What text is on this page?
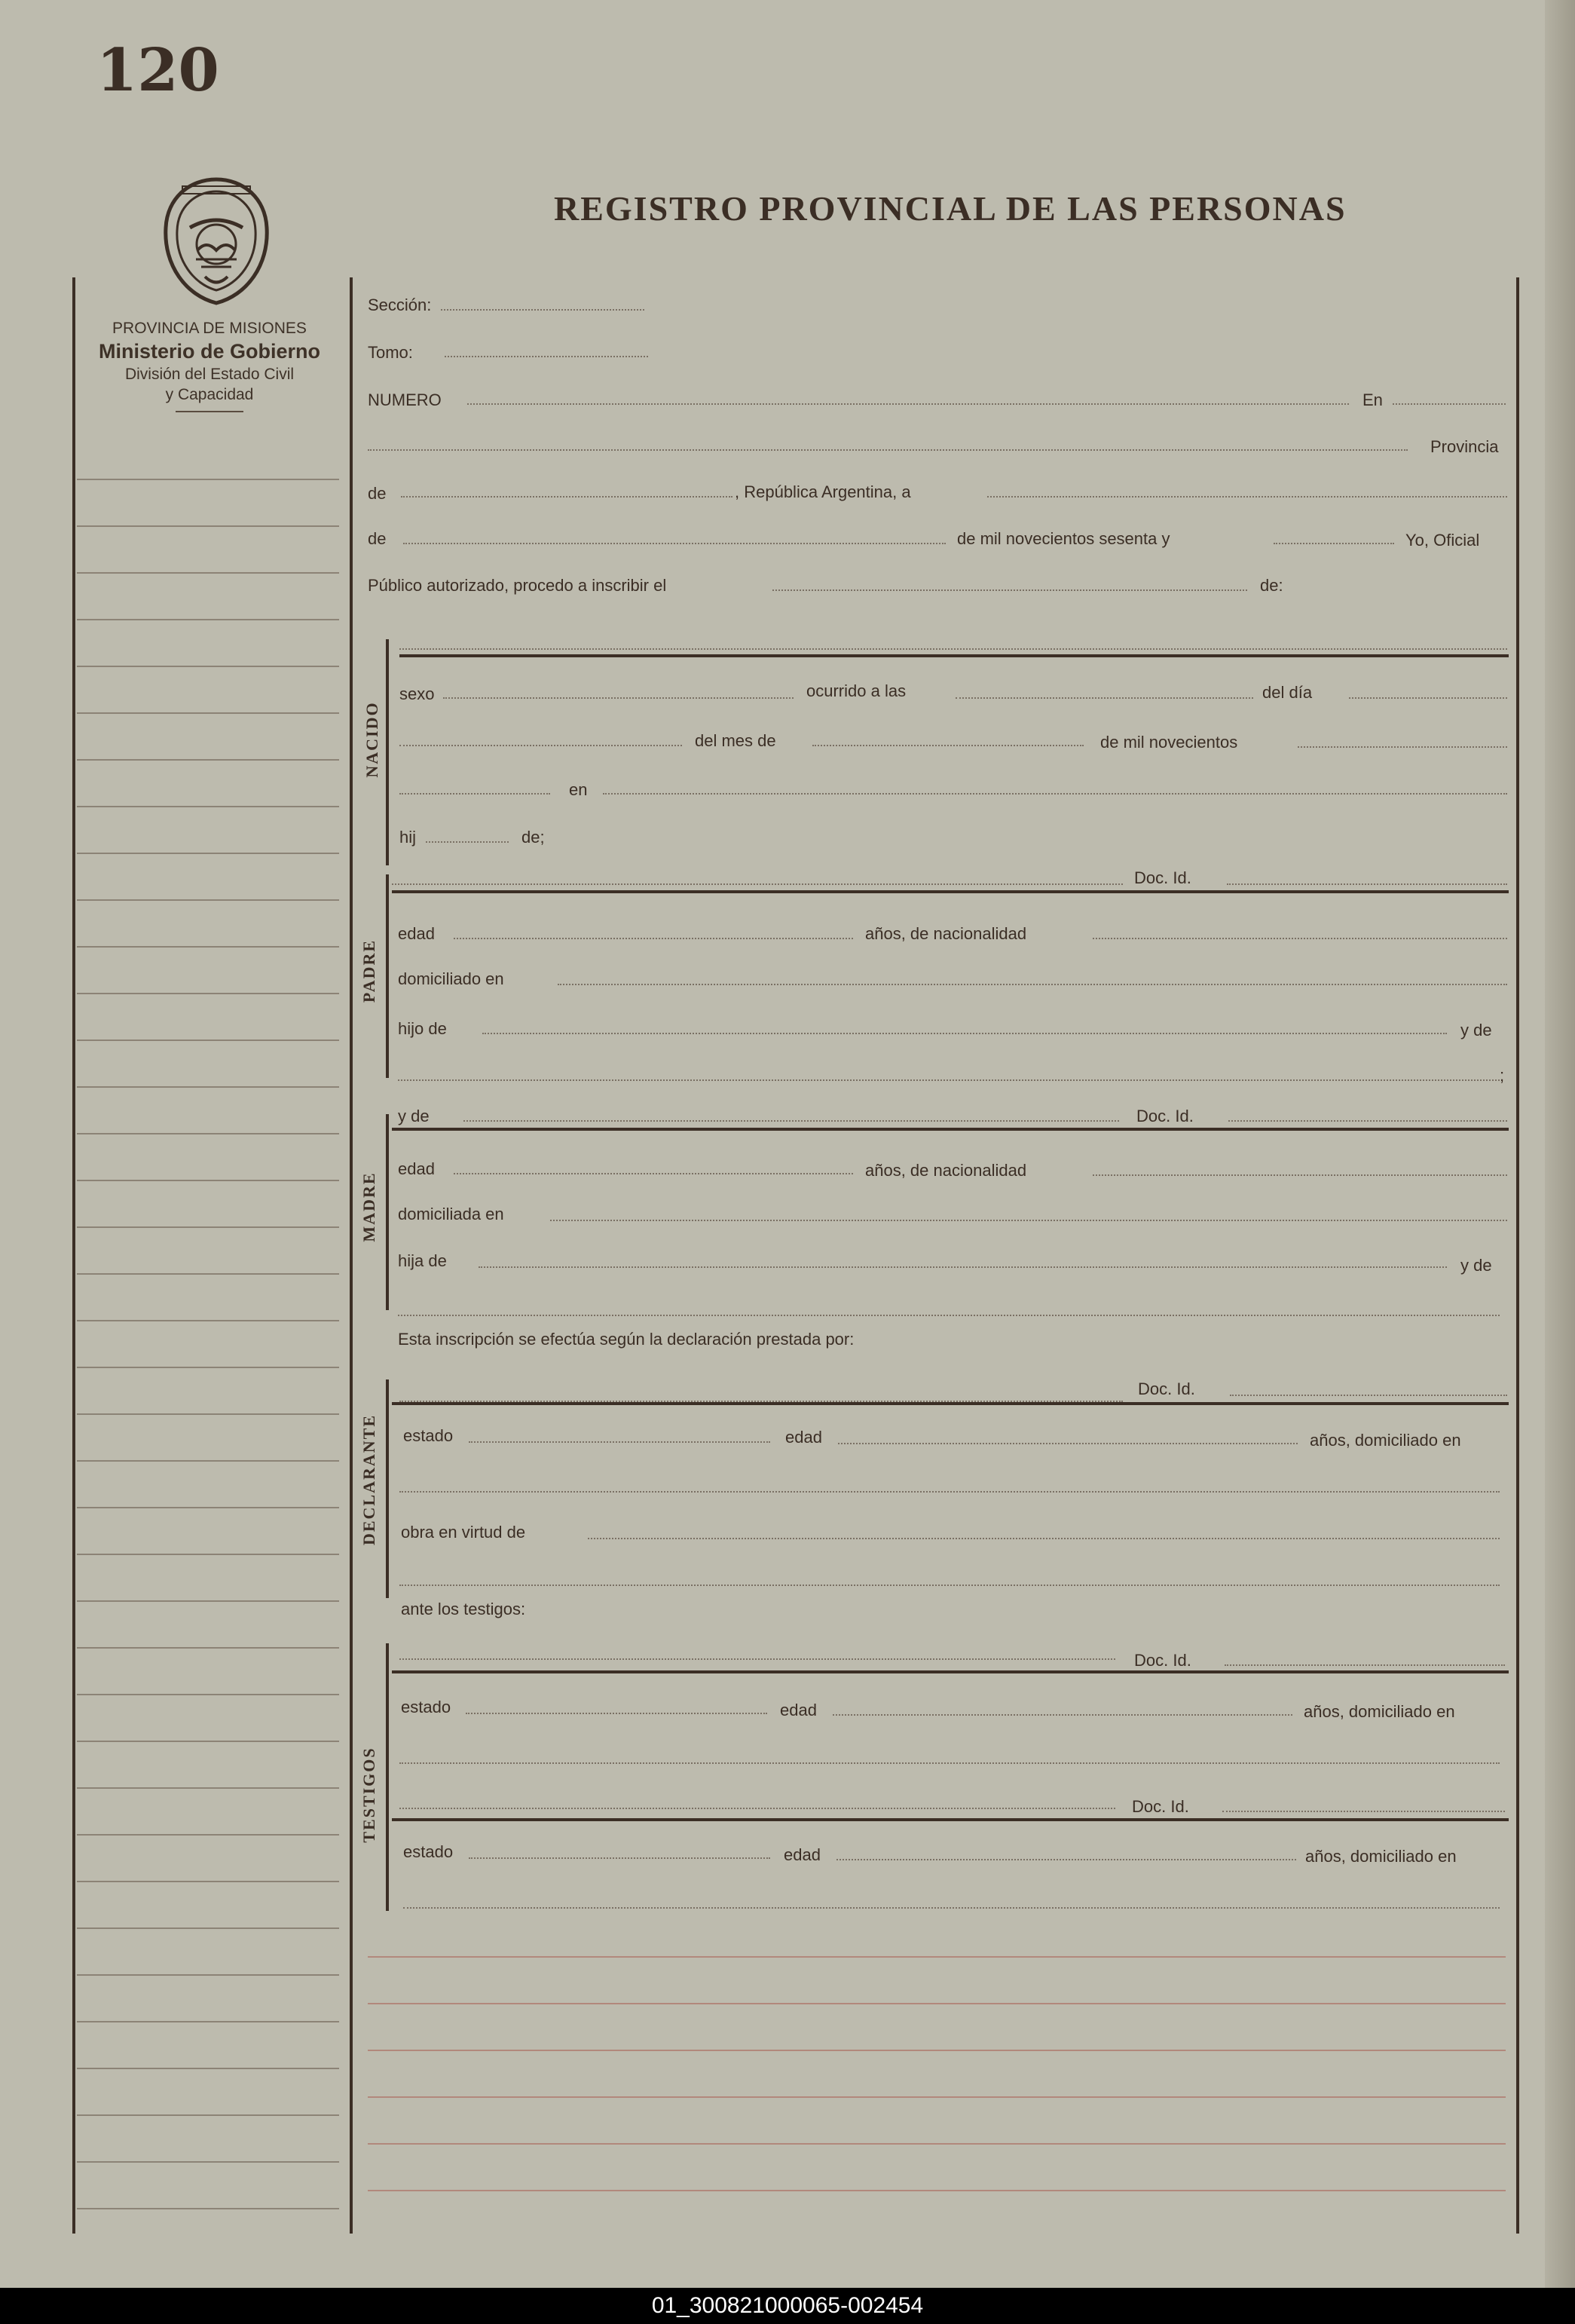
120
REGISTRO PROVINCIAL DE LAS PERSONAS
PROVINCIA DE MISIONES
Ministerio de Gobierno
División del Estado Civil
y Capacidad
Sección:
Tomo:
NUMERO	En
Provincia
de	, República Argentina, a
de	de mil novecientos sesenta y	Yo, Oficial
Público autorizado, procedo a inscribir el	de:
NACIDO
sexo	ocurrido a las	del día
del mes de	de mil novecientos
en
hij	de;
PADRE
Doc. Id.
edad	años, de nacionalidad
domiciliado en
hijo de	y de
;
MADRE
y de	Doc. Id.
edad	años, de nacionalidad
domiciliada en
hija de	y de
Esta inscripción se efectúa según la declaración prestada por:
DECLARANTE
Doc. Id.
estado	edad	años, domiciliado en
obra en virtud de
ante los testigos:
TESTIGOS
Doc. Id.
estado	edad	años, domiciliado en
Doc. Id.
estado	edad	años, domiciliado en
01_300821000065-002454
